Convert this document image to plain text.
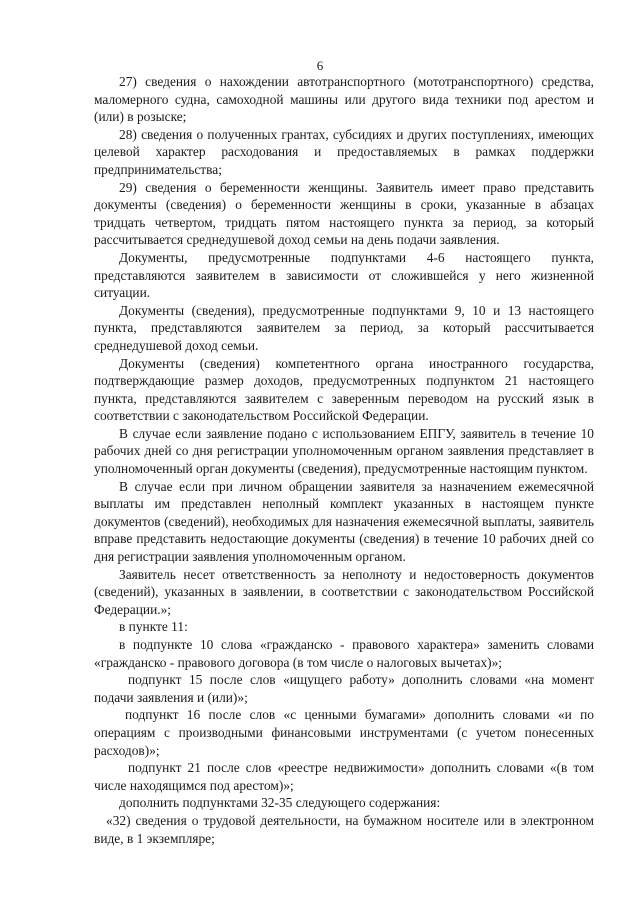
6

27) сведения о нахождении автотранспортного (мототранспортного) средства, маломерного судна, самоходной машины или другого вида техники под арестом и (или) в розыске;

28) сведения о полученных грантах, субсидиях и других поступлениях, имеющих целевой характер расходования и предоставляемых в рамках поддержки предпринимательства;

29) сведения о беременности женщины. Заявитель имеет право представить документы (сведения) о беременности женщины в сроки, указанные в абзацах тридцать четвертом, тридцать пятом настоящего пункта за период, за который рассчитывается среднедушевой доход семьи на день подачи заявления.

Документы, предусмотренные подпунктами 4-6 настоящего пункта, представляются заявителем в зависимости от сложившейся у него жизненной ситуации.

Документы (сведения), предусмотренные подпунктами 9, 10 и 13 настоящего пункта, представляются заявителем за период, за который рассчитывается среднедушевой доход семьи.

Документы (сведения) компетентного органа иностранного государства, подтверждающие размер доходов, предусмотренных подпунктом 21 настоящего пункта, представляются заявителем с заверенным переводом на русский язык в соответствии с законодательством Российской Федерации.

В случае если заявление подано с использованием ЕПГУ, заявитель в течение 10 рабочих дней со дня регистрации уполномоченным органом заявления представляет в уполномоченный орган документы (сведения), предусмотренные настоящим пунктом.

В случае если при личном обращении заявителя за назначением ежемесячной выплаты им представлен неполный комплект указанных в настоящем пункте документов (сведений), необходимых для назначения ежемесячной выплаты, заявитель вправе представить недостающие документы (сведения) в течение 10 рабочих дней со дня регистрации заявления уполномоченным органом.

Заявитель несет ответственность за неполноту и недостоверность документов (сведений), указанных в заявлении, в соответствии с законодательством Российской Федерации.»;

в пункте 11:

в подпункте 10 слова «гражданско - правового характера» заменить словами «гражданско - правового договора (в том числе о налоговых вычетах)»;

подпункт 15 после слов «ищущего работу» дополнить словами «на момент подачи заявления и (или)»;

подпункт 16 после слов «с ценными бумагами» дополнить словами «и по операциям с производными финансовыми инструментами (с учетом понесенных расходов)»;

подпункт 21 после слов «реестре недвижимости» дополнить словами «(в том числе находящимся под арестом)»;

дополнить подпунктами 32-35 следующего содержания:

«32) сведения о трудовой деятельности, на бумажном носителе или в электронном виде, в 1 экземпляре;
